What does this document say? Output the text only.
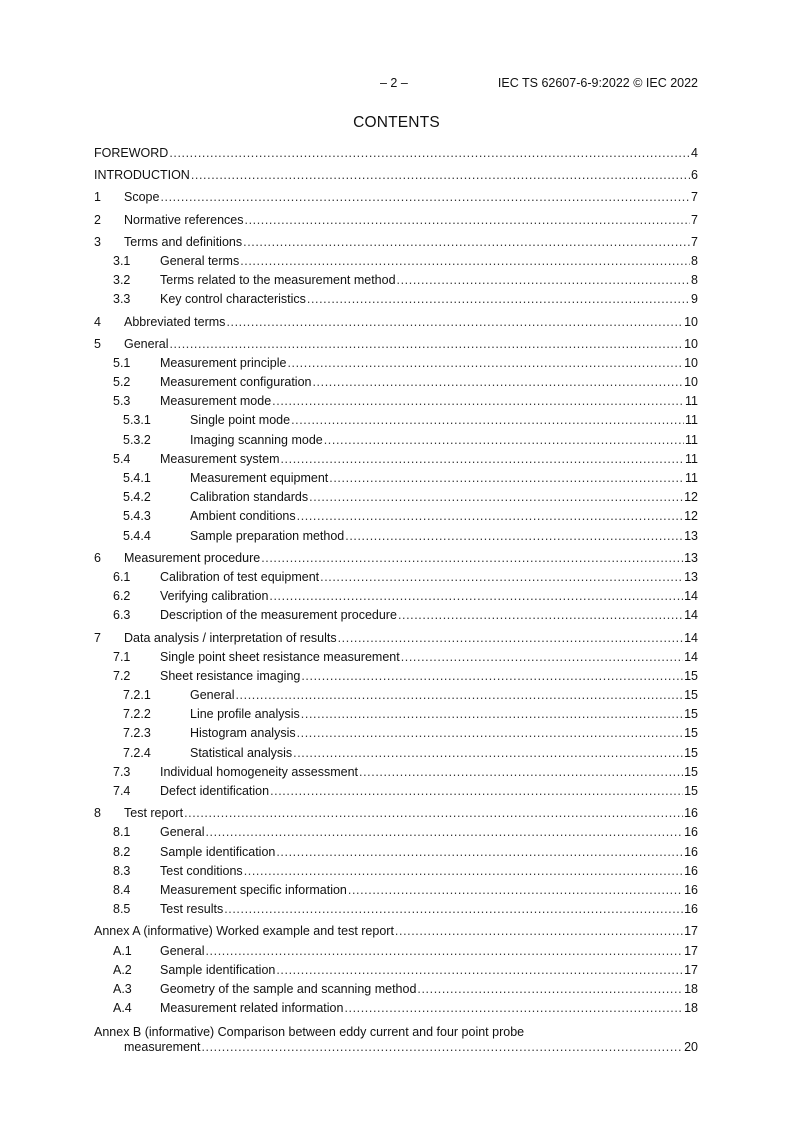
– 2 –	IEC TS 62607-6-9:2022 © IEC 2022
CONTENTS
FOREWORD .....	4
INTRODUCTION .....	6
1	Scope .....	7
2	Normative references .....	7
3	Terms and definitions .....	7
3.1	General terms .....	8
3.2	Terms related to the measurement method .....	8
3.3	Key control characteristics .....	9
4	Abbreviated terms .....	10
5	General .....	10
5.1	Measurement principle .....	10
5.2	Measurement configuration .....	10
5.3	Measurement mode .....	11
5.3.1	Single point mode .....	11
5.3.2	Imaging scanning mode .....	11
5.4	Measurement system .....	11
5.4.1	Measurement equipment .....	11
5.4.2	Calibration standards .....	12
5.4.3	Ambient conditions .....	12
5.4.4	Sample preparation method .....	13
6	Measurement procedure .....	13
6.1	Calibration of test equipment .....	13
6.2	Verifying calibration .....	14
6.3	Description of the measurement procedure .....	14
7	Data analysis / interpretation of results .....	14
7.1	Single point sheet resistance measurement .....	14
7.2	Sheet resistance imaging .....	15
7.2.1	General .....	15
7.2.2	Line profile analysis .....	15
7.2.3	Histogram analysis .....	15
7.2.4	Statistical analysis .....	15
7.3	Individual homogeneity assessment .....	15
7.4	Defect identification .....	15
8	Test report .....	16
8.1	General .....	16
8.2	Sample identification .....	16
8.3	Test conditions .....	16
8.4	Measurement specific information .....	16
8.5	Test results .....	16
Annex A (informative) Worked example and test report .....	17
A.1	General .....	17
A.2	Sample identification .....	17
A.3	Geometry of the sample and scanning method .....	18
A.4	Measurement related information .....	18
Annex B (informative) Comparison between eddy current and four point probe
measurement .....	20
